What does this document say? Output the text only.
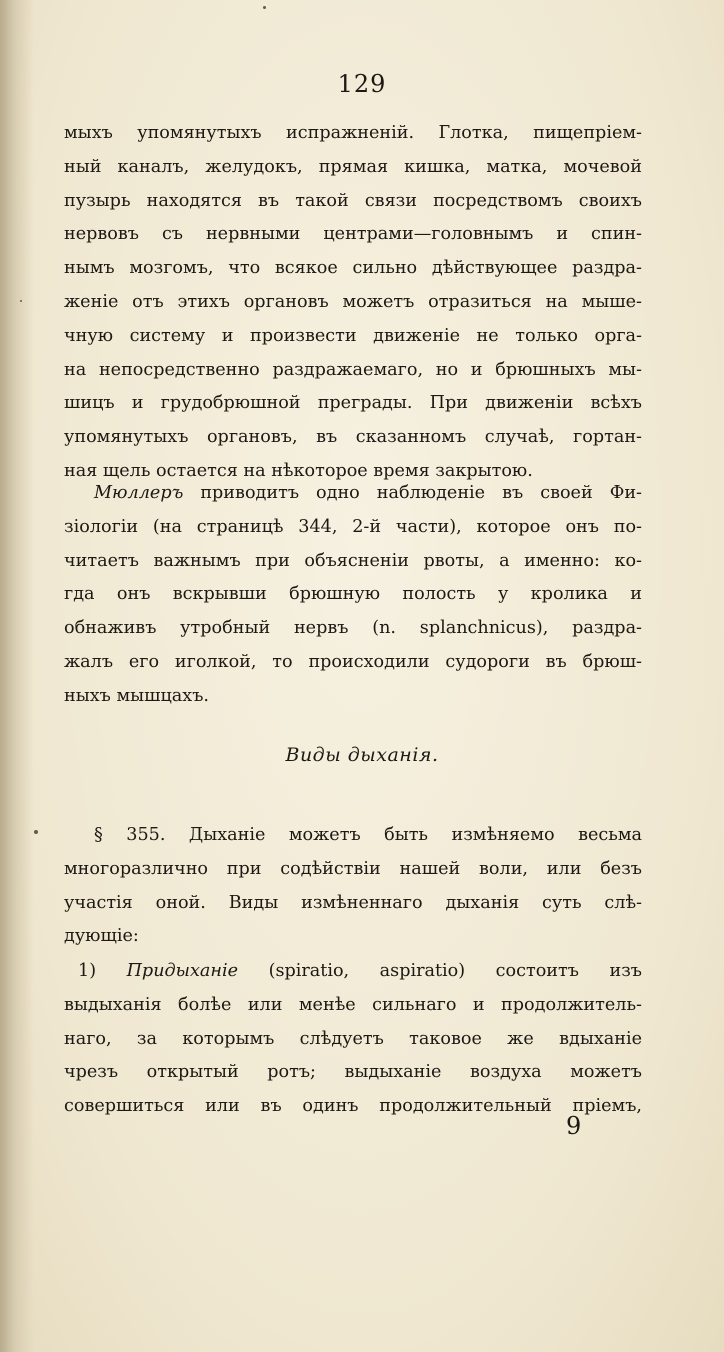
129
мыхъ упомянутыхъ испражненій. Глотка, пищепріем-
ный каналъ, желудокъ, прямая кишка, матка, мочевой
пузырь находятся въ такой связи посредствомъ своихъ
нервовъ съ нервными центрами—головнымъ и спин-
нымъ мозгомъ, что всякое сильно дѣйствующее раздра-
женіе отъ этихъ органовъ можетъ отразиться на мыше-
чную систему и произвести движеніе не только орга-
на непосредственно раздражаемаго, но и брюшныхъ мы-
шицъ и грудобрюшной преграды. При движеніи всѣхъ
упомянутыхъ органовъ, въ сказанномъ случаѣ, гортан-
ная щель остается на нѣкоторое время закрытою.
Мюллеръ приводитъ одно наблюденіе въ своей Фи-
зіологіи (на страницѣ 344, 2-й части), которое онъ по-
читаетъ важнымъ при объясненіи рвоты, а именно: ко-
гда онъ вскрывши брюшную полость у кролика и
обнаживъ утробный нервъ (n. splanchnicus), раздра-
жалъ его иголкой, то происходили судороги въ брюш-
ныхъ мышцахъ.
Виды дыханія.
§ 355. Дыханіе можетъ быть измѣняемо весьма
многоразлично при содѣйствіи нашей воли, или безъ
участія оной. Виды измѣненнаго дыханія суть слѣ-
дующіе:
1) Придыханіе (spiratio, aspiratio) состоитъ изъ
выдыханія болѣе или менѣе сильнаго и продолжитель-
наго, за которымъ слѣдуетъ таковое же вдыханіе
чрезъ открытый ротъ; выдыханіе воздуха можетъ
совершиться или въ одинъ продолжительный пріемъ,
9
